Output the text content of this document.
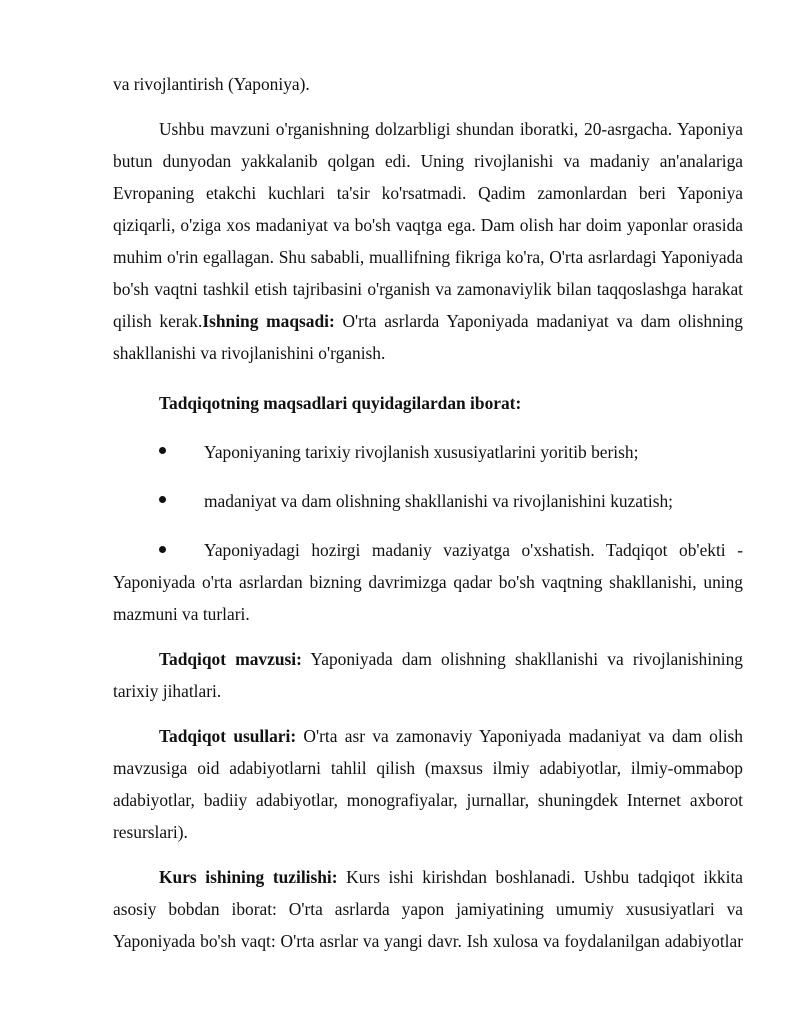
va rivojlantirish (Yaponiya).

Ushbu mavzuni o'rganishning dolzarbligi shundan iboratki, 20-asrgacha. Yaponiya butun dunyodan yakkalanib qolgan edi. Uning rivojlanishi va madaniy an'analariga Evropaning etakchi kuchlari ta'sir ko'rsatmadi. Qadim zamonlardan beri Yaponiya qiziqarli, o'ziga xos madaniyat va bo'sh vaqtga ega. Dam olish har doim yaponlar orasida muhim o'rin egallagan. Shu sababli, muallifning fikriga ko'ra, O'rta asrlardagi Yaponiyada bo'sh vaqtni tashkil etish tajribasini o'rganish va zamonaviylik bilan taqqoslashga harakat qilish kerak.Ishning maqsadi: O'rta asrlarda Yaponiyada madaniyat va dam olishning shakllanishi va rivojlanishini o'rganish.

Tadqiqotning maqsadlari quyidagilardan iborat:

Yaponiyaning tarixiy rivojlanish xususiyatlarini yoritib berish;
madaniyat va dam olishning shakllanishi va rivojlanishini kuzatish;

Yaponiyadagi hozirgi madaniy vaziyatga o'xshatish. Tadqiqot ob'ekti - Yaponiyada o'rta asrlardan bizning davrimizga qadar bo'sh vaqtning shakllanishi, uning mazmuni va turlari.

Tadqiqot mavzusi: Yaponiyada dam olishning shakllanishi va rivojlanishining tarixiy jihatlari.

Tadqiqot usullari: O'rta asr va zamonaviy Yaponiyada madaniyat va dam olish mavzusiga oid adabiyotlarni tahlil qilish (maxsus ilmiy adabiyotlar, ilmiy-ommabop adabiyotlar, badiiy adabiyotlar, monografiyalar, jurnallar, shuningdek Internet axborot resurslari).

Kurs ishining tuzilishi: Kurs ishi kirishdan boshlanadi. Ushbu tadqiqot ikkita asosiy bobdan iborat: O'rta asrlarda yapon jamiyatining umumiy xususiyatlari va Yaponiyada bo'sh vaqt: O'rta asrlar va yangi davr. Ish xulosa va foydalanilgan adabiyotlar
